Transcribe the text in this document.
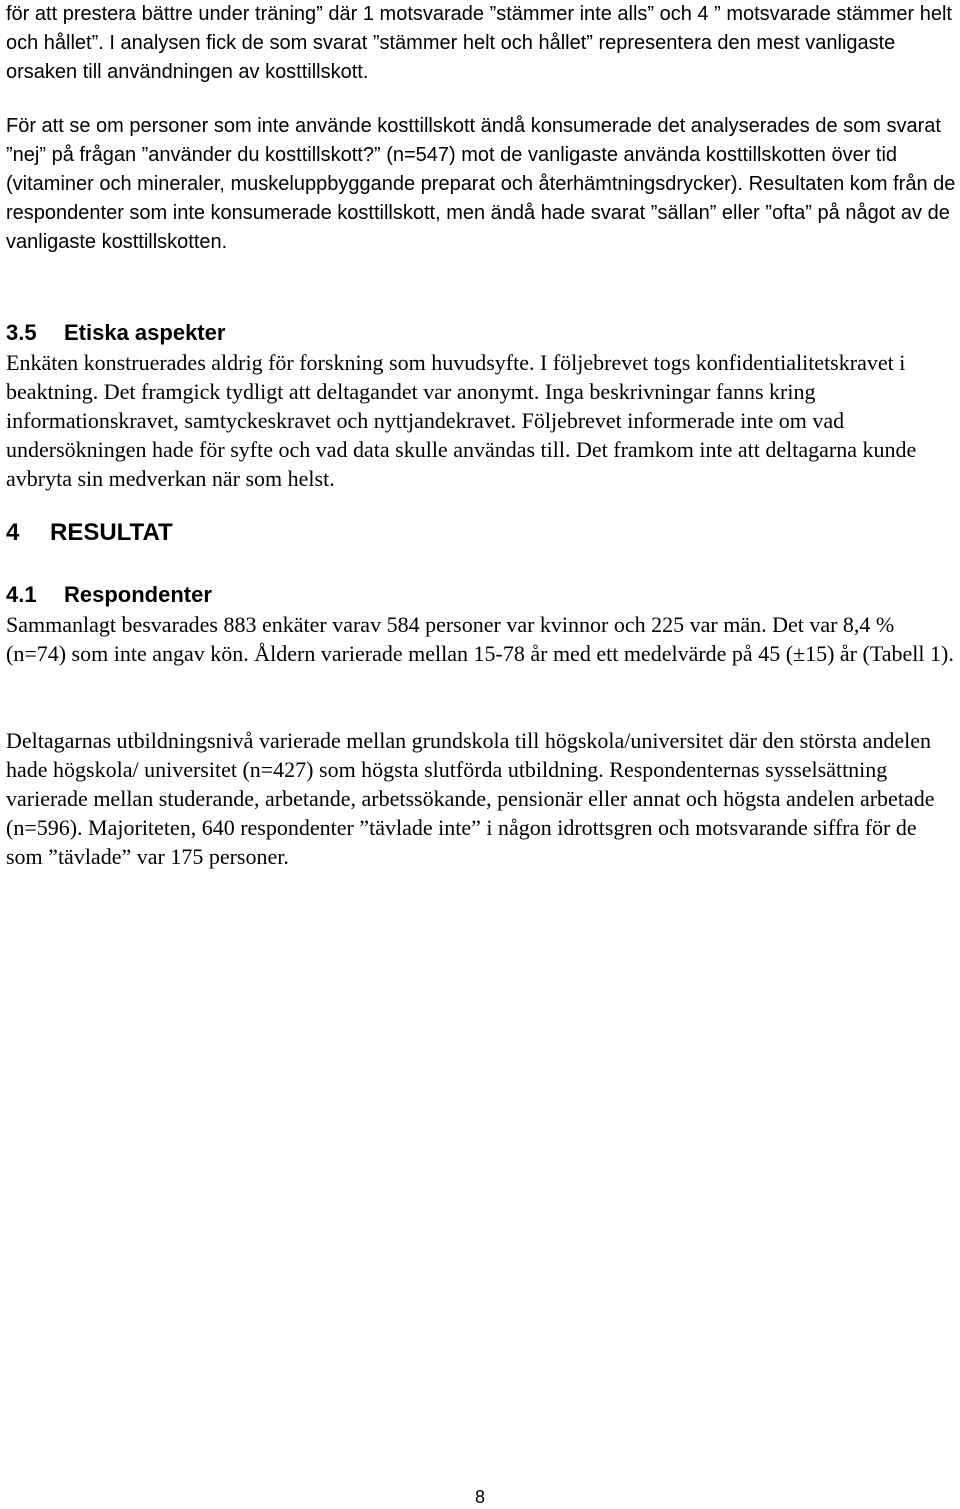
för att prestera bättre under träning” där 1 motsvarade ”stämmer inte alls” och 4 ” motsvarade stämmer helt och hållet”. I analysen fick de som svarat ”stämmer helt och hållet” representera den mest vanligaste orsaken till användningen av kosttillskott.

För att se om personer som inte använde kosttillskott ändå konsumerade det analyserades de som svarat ”nej” på frågan ”använder du kosttillskott?” (n=547) mot de vanligaste använda kosttillskotten över tid (vitaminer och mineraler, muskeluppbyggande preparat och återhämtningsdrycker). Resultaten kom från de respondenter som inte konsumerade kosttillskott, men ändå hade svarat ”sällan” eller ”ofta” på något av de vanligaste kosttillskotten.

3.5 Etiska aspekter

Enkäten konstruerades aldrig för forskning som huvudsyfte. I följebrevet togs konfidentialitetskravet i beaktning. Det framgick tydligt att deltagandet var anonymt. Inga beskrivningar fanns kring informationskravet, samtyckeskravet och nyttjandekravet. Följebrevet informerade inte om vad undersökningen hade för syfte och vad data skulle användas till. Det framkom inte att deltagarna kunde avbryta sin medverkan när som helst.

4 RESULTAT
4.1 Respondenter

Sammanlagt besvarades 883 enkäter varav 584 personer var kvinnor och 225 var män. Det var 8,4 % (n=74) som inte angav kön. Åldern varierade mellan 15-78 år med ett medelvärde på 45 (±15) år (Tabell 1).

Deltagarnas utbildningsnivå varierade mellan grundskola till högskola/universitet där den största andelen hade högskola/ universitet (n=427) som högsta slutförda utbildning. Respondenternas sysselsättning varierade mellan studerande, arbetande, arbetssökande, pensionär eller annat och högsta andelen arbetade (n=596). Majoriteten, 640 respondenter ”tävlade inte” i någon idrottsgren och motsvarande siffra för de som ”tävlade” var 175 personer.

8
